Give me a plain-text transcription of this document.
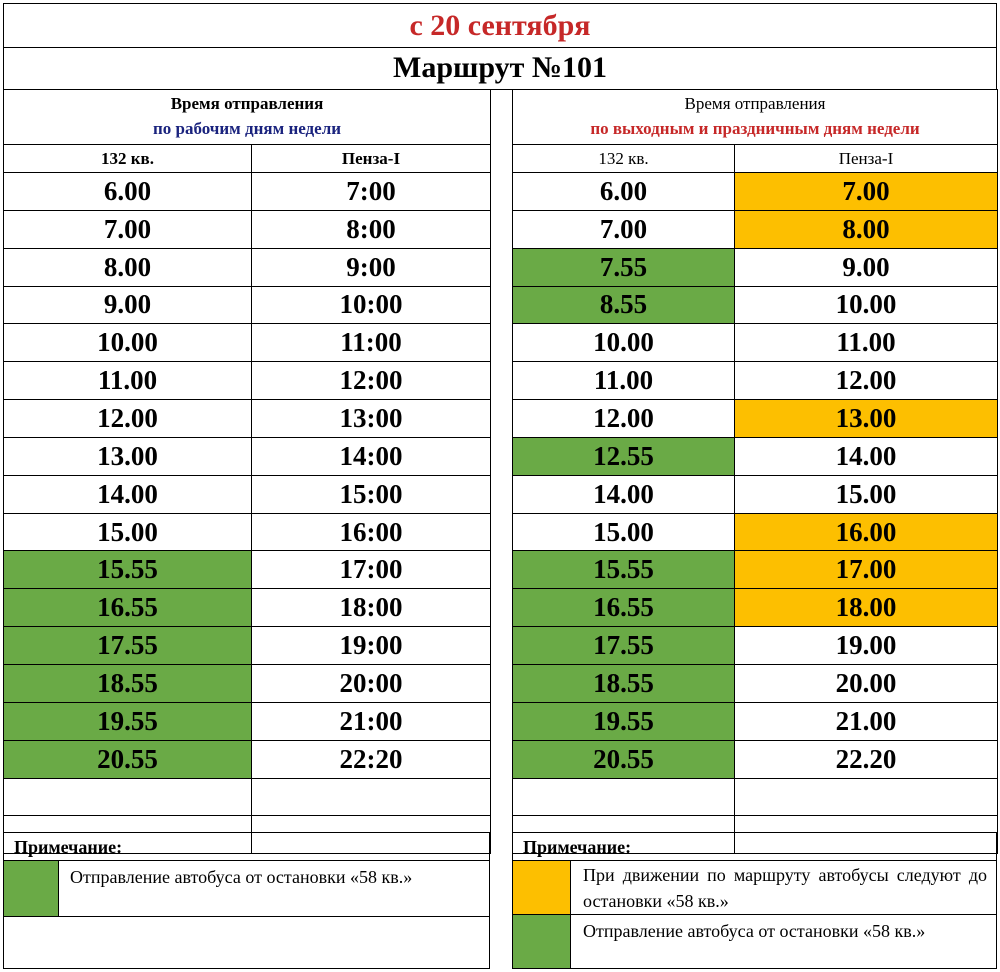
с 20 сентября
Маршрут №101
Время отправления
по рабочим дням недели	

132 кв.	Пенза-I
6.00	7:00
7.00	8:00
8.00	9:00
9.00	10:00
10.00	11:00
11.00	12:00
12.00	13:00
13.00	14:00
14.00	15:00
15.00	16:00
15.55	17:00
16.55	18:00
17.55	19:00
18.55	20:00
19.55	21:00
20.55	22:20

Время отправления
по выходным и праздничным дням недели	

132 кв.	Пенза-I
6.00	7.00
7.00	8.00
7.55	9.00
8.55	10.00
10.00	11.00
11.00	12.00
12.00	13.00
12.55	14.00
14.00	15.00
15.00	16.00
15.55	17.00
16.55	18.00
17.55	19.00
18.55	20.00
19.55	21.00
20.55	22.20

Примечание:
Отправление автобуса от остановки «58 кв.»
Примечание:
При движении по маршруту автобусы следуют до остановки «58 кв.»
Отправление автобуса от остановки «58 кв.»
